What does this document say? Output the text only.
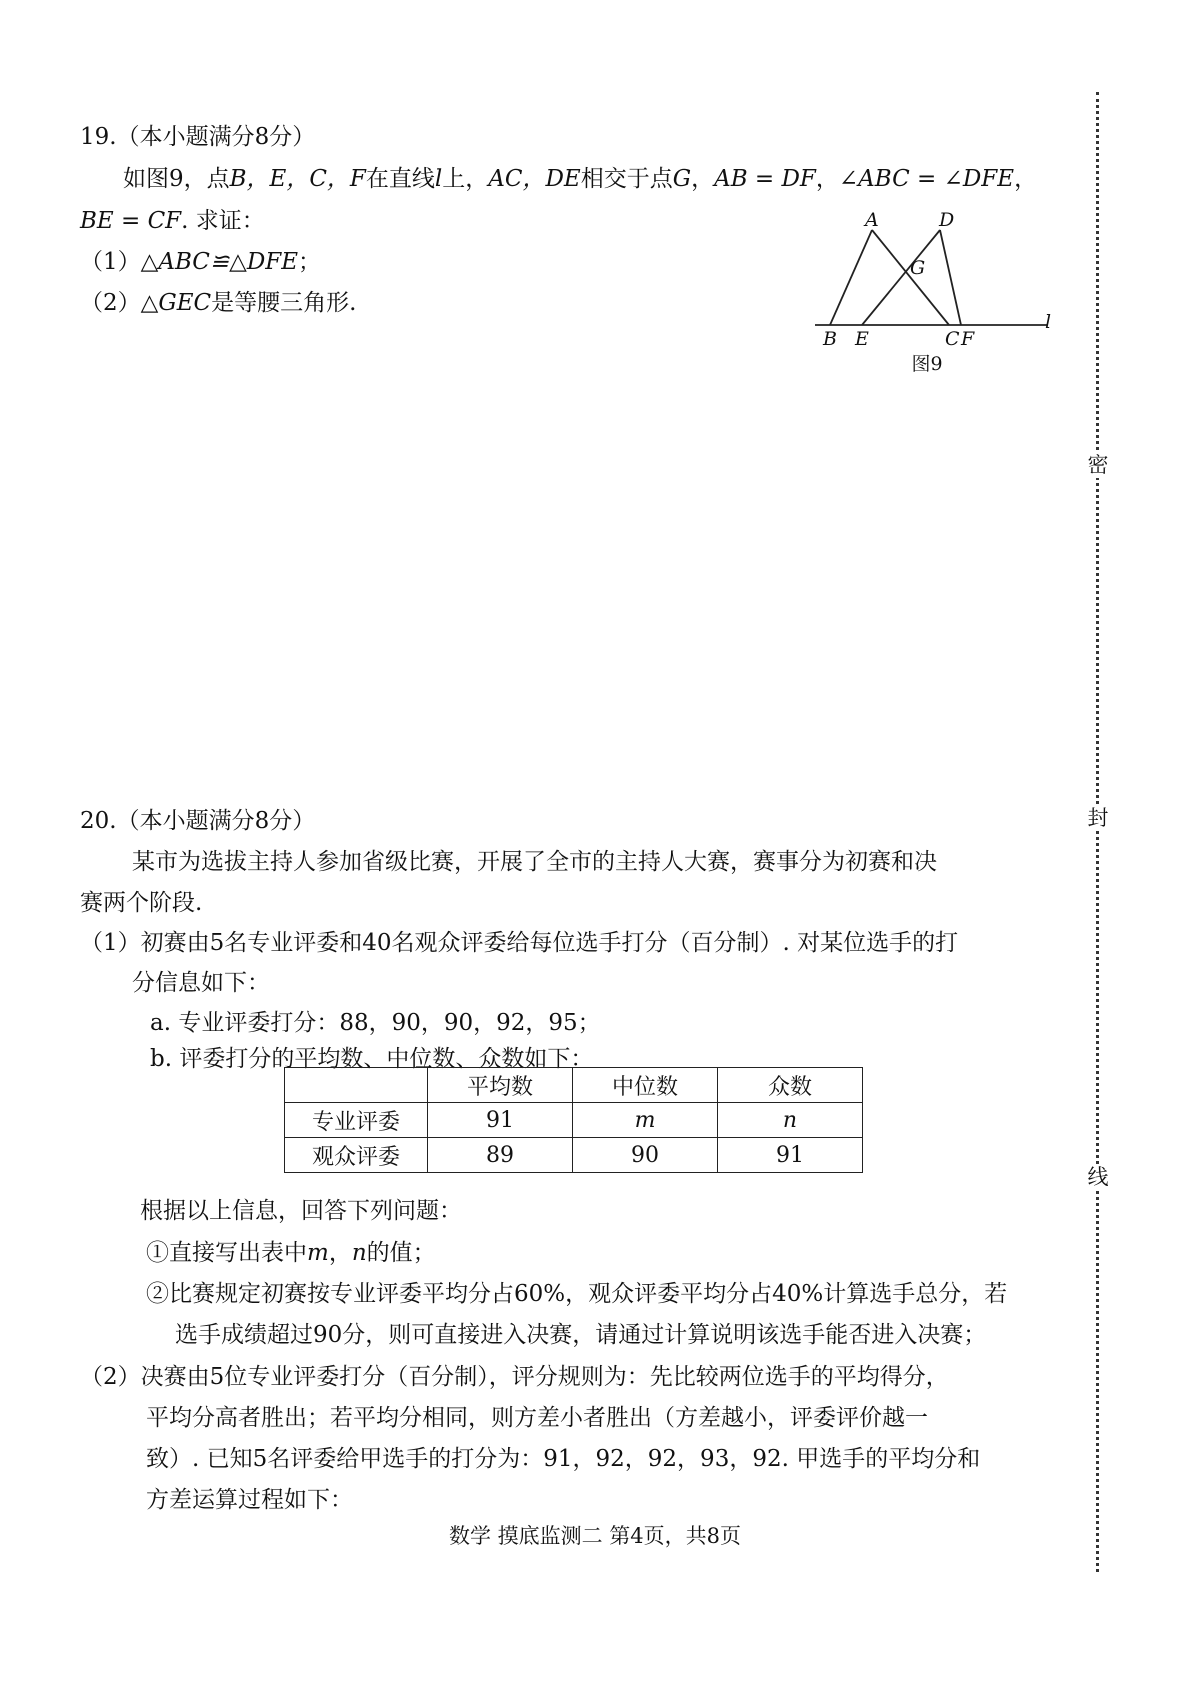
密
封
线
19.（本小题满分8分）
如图9，点B，E，C，F在直线l上，AC，DE相交于点G，AB = DF，∠ABC = ∠DFE，
BE = CF. 求证：
（1）△ABC≌△DFE；
（2）△GEC是等腰三角形.
A	D
G
B E	C F
l
图9
20.（本小题满分8分）
某市为选拔主持人参加省级比赛，开展了全市的主持人大赛，赛事分为初赛和决
赛两个阶段.
（1）初赛由5名专业评委和40名观众评委给每位选手打分（百分制）. 对某位选手的打
分信息如下：
a. 专业评委打分：88，90，90，92，95；
b. 评委打分的平均数、中位数、众数如下：
	平均数	中位数	众数
专业评委	91	m	n
观众评委	89	90	91
根据以上信息，回答下列问题：
①直接写出表中m，n的值；
②比赛规定初赛按专业评委平均分占60%，观众评委平均分占40%计算选手总分，若
选手成绩超过90分，则可直接进入决赛，请通过计算说明该选手能否进入决赛；
（2）决赛由5位专业评委打分（百分制），评分规则为：先比较两位选手的平均得分，
平均分高者胜出；若平均分相同，则方差小者胜出（方差越小，评委评价越一
致）. 已知5名评委给甲选手的打分为：91，92，92，93，92. 甲选手的平均分和
方差运算过程如下：
数学 摸底监测二 第4页，共8页
